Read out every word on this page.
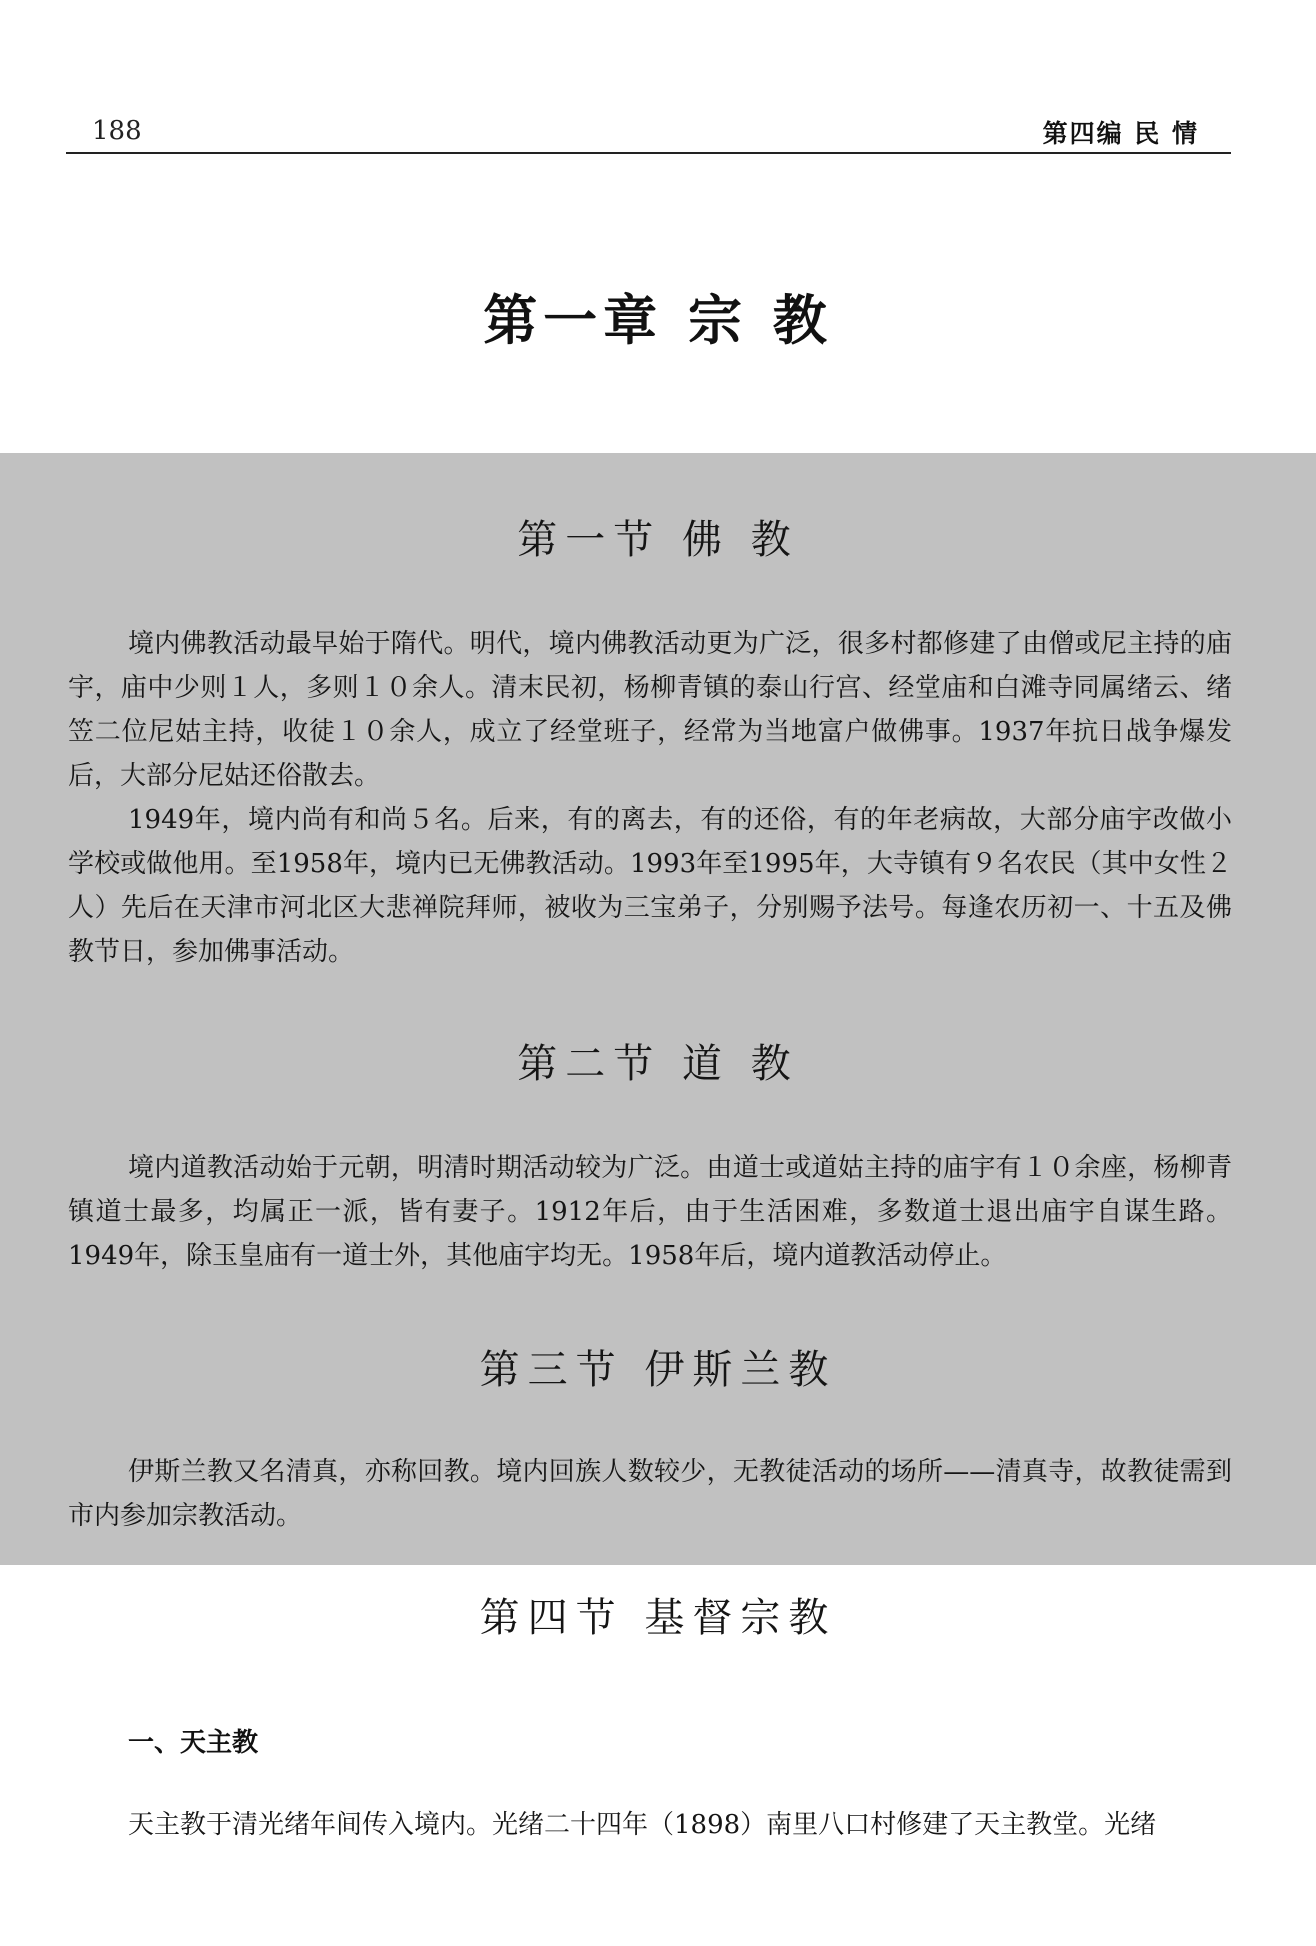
188	第四编 民 情
第一章 宗 教
第一节 佛 教

境内佛教活动最早始于隋代。明代，境内佛教活动更为广泛，很多村都修建了由僧或尼主持的庙宇，庙中少则１人，多则１０余人。清末民初，杨柳青镇的泰山行宫、经堂庙和白滩寺同属绪云、绪笠二位尼姑主持，收徒１０余人，成立了经堂班子，经常为当地富户做佛事。1937年抗日战争爆发后，大部分尼姑还俗散去。

1949年，境内尚有和尚５名。后来，有的离去，有的还俗，有的年老病故，大部分庙宇改做小学校或做他用。至1958年，境内已无佛教活动。1993年至1995年，大寺镇有９名农民（其中女性２人）先后在天津市河北区大悲禅院拜师，被收为三宝弟子，分别赐予法号。每逢农历初一、十五及佛教节日，参加佛事活动。

第二节 道 教

境内道教活动始于元朝，明清时期活动较为广泛。由道士或道姑主持的庙宇有１０余座，杨柳青镇道士最多，均属正一派，皆有妻子。1912年后，由于生活困难，多数道士退出庙宇自谋生路。1949年，除玉皇庙有一道士外，其他庙宇均无。1958年后，境内道教活动停止。

第三节 伊斯兰教

伊斯兰教又名清真，亦称回教。境内回族人数较少，无教徒活动的场所——清真寺，故教徒需到市内参加宗教活动。

第四节 基督宗教
一、天主教

天主教于清光绪年间传入境内。光绪二十四年（1898）南里八口村修建了天主教堂。光绪
